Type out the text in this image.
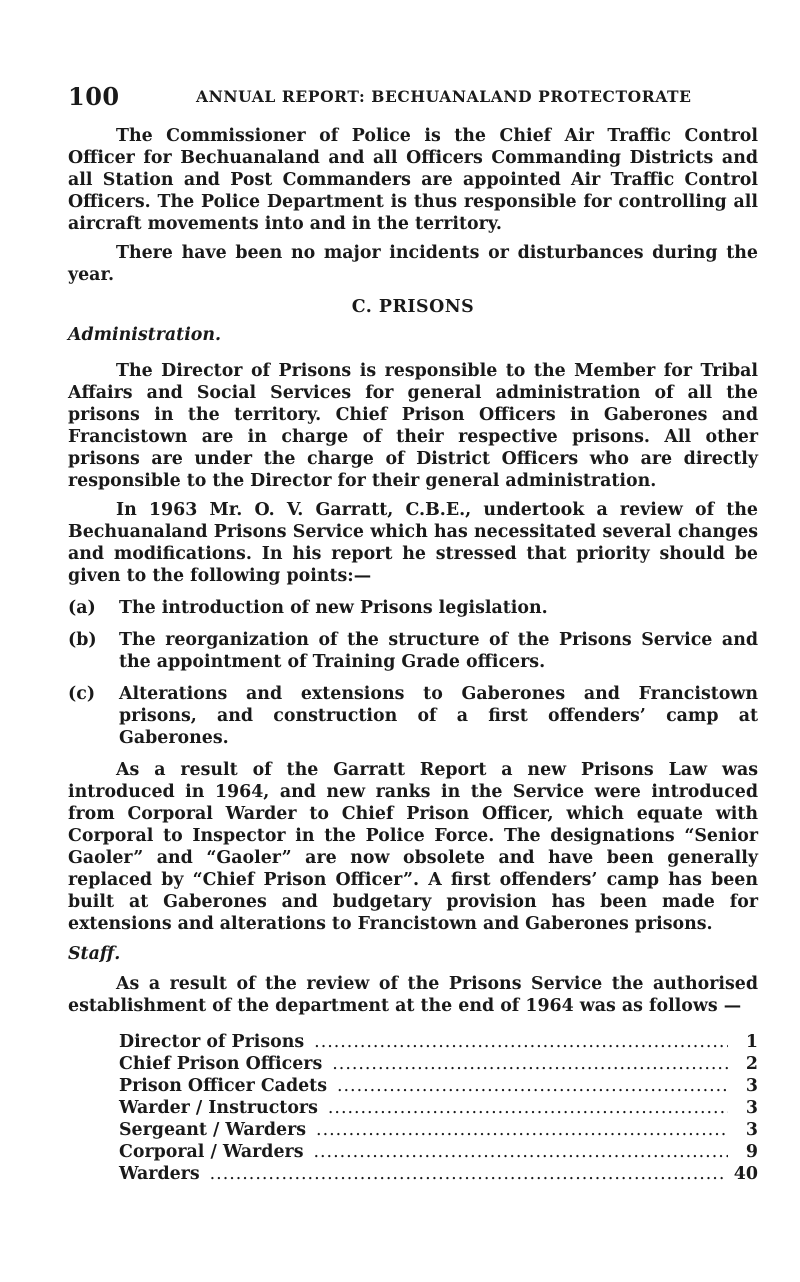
100	ANNUAL REPORT: BECHUANALAND PROTECTORATE

The Commissioner of Police is the Chief Air Traffic Control Officer for Bechuanaland and all Officers Commanding Districts and all Station and Post Commanders are appointed Air Traffic Control Officers. The Police Department is thus responsible for controlling all aircraft movements into and in the territory.

There have been no major incidents or disturbances during the year.

C. PRISONS
Administration.

The Director of Prisons is responsible to the Member for Tribal Affairs and Social Services for general administration of all the prisons in the territory. Chief Prison Officers in Gaberones and Francistown are in charge of their respective prisons. All other prisons are under the charge of District Officers who are directly responsible to the Director for their general administration.

In 1963 Mr. O. V. Garratt, C.B.E., undertook a review of the Bechuanaland Prisons Service which has necessitated several changes and modifications. In his report he stressed that priority should be given to the following points:—

(a) The introduction of new Prisons legislation.
(b) The reorganization of the structure of the Prisons Service and the appointment of Training Grade officers.
(c) Alterations and extensions to Gaberones and Francistown prisons, and construction of a first offenders’ camp at Gaberones.

As a result of the Garratt Report a new Prisons Law was introduced in 1964, and new ranks in the Service were introduced from Corporal Warder to Chief Prison Officer, which equate with Corporal to Inspector in the Police Force. The designations “Senior Gaoler” and “Gaoler” are now obsolete and have been generally replaced by “Chief Prison Officer”. A first offenders’ camp has been built at Gaberones and budgetary provision has been made for extensions and alterations to Francistown and Gaberones prisons.

Staff.

As a result of the review of the Prisons Service the authorised establishment of the department at the end of 1964 was as follows —

Director of Prisons .....	1
Chief Prison Officers .....	2
Prison Officer Cadets .....	3
Warder / Instructors .....	3
Sergeant / Warders .....	3
Corporal / Warders .....	9
Warders .....	40
